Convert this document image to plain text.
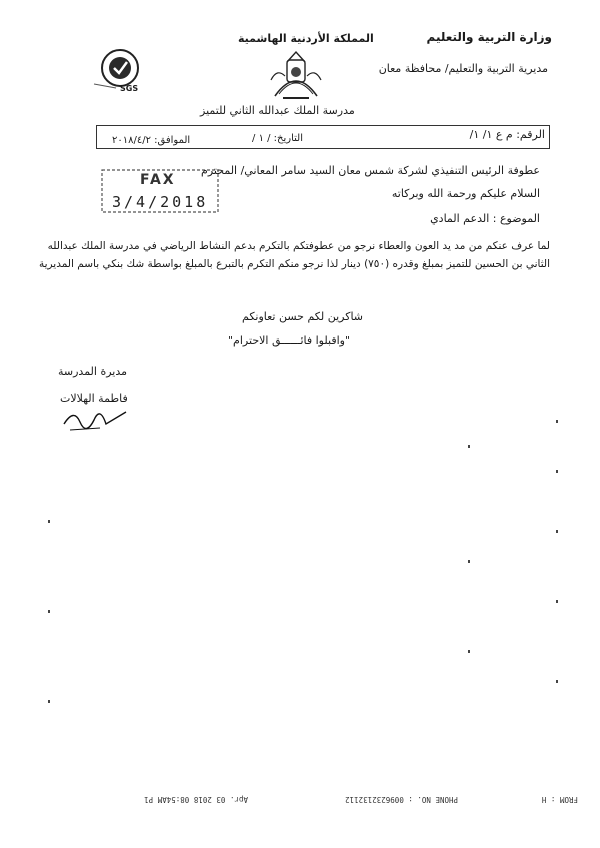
وزارة التربية والتعليم
مديرية التربية والتعليم/ محافظة معان
المملكة الأردنية الهاشمية
مدرسة الملك عبدالله الثاني للتميز
SGS
الرقم: م ع ١/ ١/
التاريخ: / ١ /
الموافق: ٢٠١٨/٤/٢
FAX
3/4/2018
عطوفة الرئيس التنفيذي لشركة شمس معان السيد سامر المعاني/ المحترم
السلام عليكم ورحمة الله وبركاته
الموضوع : الدعم المادي
لما عرف عنكم من مد يد العون والعطاء نرجو من عطوفتكم بالتكرم بدعم النشاط الرياضي في مدرسة الملك عبدالله
الثاني بن الحسين للتميز بمبلغ وقدره (٧٥٠) دينار لذا نرجو منكم التكرم بالتبرع بالمبلغ بواسطة شك بنكي باسم المديرية
شاكرين لكم حسن تعاونكم
"واقبلوا فائــــــق الاحترام"
مديرة المدرسة
فاطمة الهلالات
FROM : H
PHONE NO. : 0096232132112
Apr. 03 2018 08:54AM P1
